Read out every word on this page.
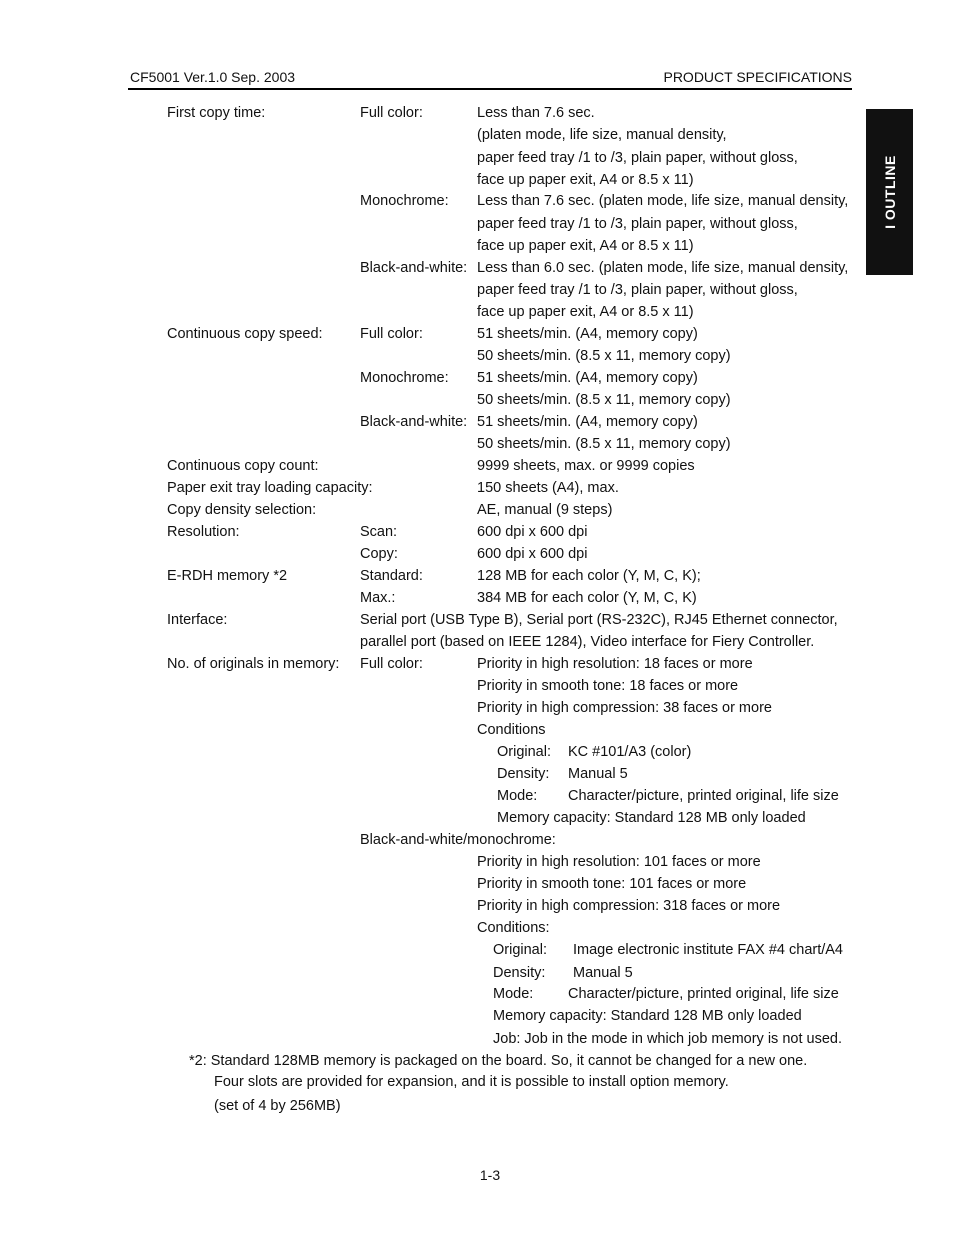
CF5001 Ver.1.0 Sep. 2003	PRODUCT SPECIFICATIONS
I OUTLINE
First copy time:	Full color:	Less than 7.6 sec.
(platen mode, life size, manual density,
paper feed tray /1 to /3, plain paper, without gloss,
face up paper exit, A4 or 8.5 x 11)
Monochrome: Less than 7.6 sec. (platen mode, life size, manual density,
paper feed tray /1 to /3, plain paper, without gloss,
face up paper exit, A4 or 8.5 x 11)
Black-and-white: Less than 6.0 sec. (platen mode, life size, manual density,
paper feed tray /1 to /3, plain paper, without gloss,
face up paper exit, A4 or 8.5 x 11)
Continuous copy speed:	Full color:	51 sheets/min. (A4, memory copy)
50 sheets/min. (8.5 x 11, memory copy)
Monochrome: 51 sheets/min. (A4, memory copy)
50 sheets/min. (8.5 x 11, memory copy)
Black-and-white: 51 sheets/min. (A4, memory copy)
50 sheets/min. (8.5 x 11, memory copy)
Continuous copy count:	9999 sheets, max. or 9999 copies
Paper exit tray loading capacity:	150 sheets (A4), max.
Copy density selection:	AE, manual (9 steps)
Resolution:	Scan:	600 dpi x 600 dpi
Copy:	600 dpi x 600 dpi
E-RDH memory *2	Standard:	128 MB for each color (Y, M, C, K);
Max.:	384 MB for each color (Y, M, C, K)
Interface:	Serial port (USB Type B), Serial port (RS-232C), RJ45 Ethernet connector,
parallel port (based on IEEE 1284), Video interface for Fiery Controller.
No. of originals in memory: Full color:	Priority in high resolution: 18 faces or more
Priority in smooth tone: 18 faces or more
Priority in high compression: 38 faces or more
Conditions
Original: KC #101/A3 (color)
Density: Manual 5
Mode: Character/picture, printed original, life size
Memory capacity: Standard 128 MB only loaded
Black-and-white/monochrome:
Priority in high resolution: 101 faces or more
Priority in smooth tone: 101 faces or more
Priority in high compression: 318 faces or more
Conditions:
Original: Image electronic institute FAX #4 chart/A4
Density: Manual 5
Mode: Character/picture, printed original, life size
Memory capacity: Standard 128 MB only loaded
Job: Job in the mode in which job memory is not used.
*2: Standard 128MB memory is packaged on the board. So, it cannot be changed for a new one.
Four slots are provided for expansion, and it is possible to install option memory.
(set of 4 by 256MB)
1-3
